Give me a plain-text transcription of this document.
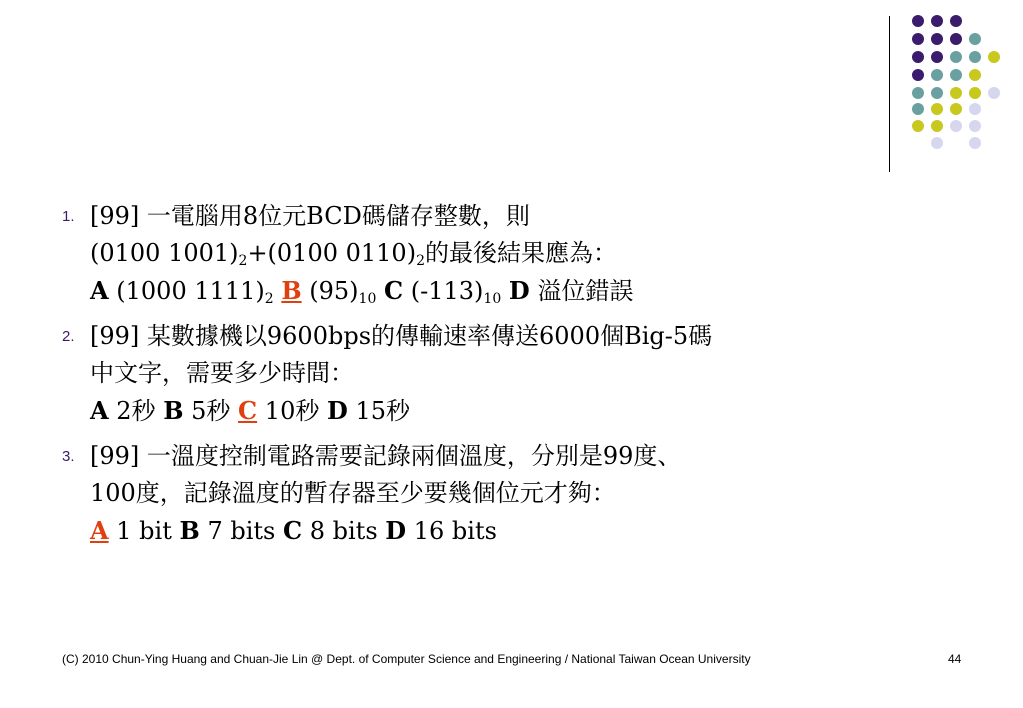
1. [99] 一電腦用8位元BCD碼儲存整數，則
(0100 $1001)_2+(0100$ $0110)_2$的最後結果應為：
A (1000 $1111)_2$ B $(95)_{10}$ C $(-113)_{10}$ D 溢位錯誤
2. [99] 某數據機以9600bps的傳輸速率傳送6000個Big-5碼
中文字，需要多少時間：
A 2秒 B 5秒 C 10秒 D 15秒
3. [99] 一溫度控制電路需要記錄兩個溫度，分別是99度、
100度，記錄溫度的暫存器至少要幾個位元才夠：
A 1 bit B 7 bits C 8 bits D 16 bits
(C) 2010 Chun-Ying Huang and Chuan-Jie Lin @ Dept. of Computer Science and Engineering / National Taiwan Ocean University	44
